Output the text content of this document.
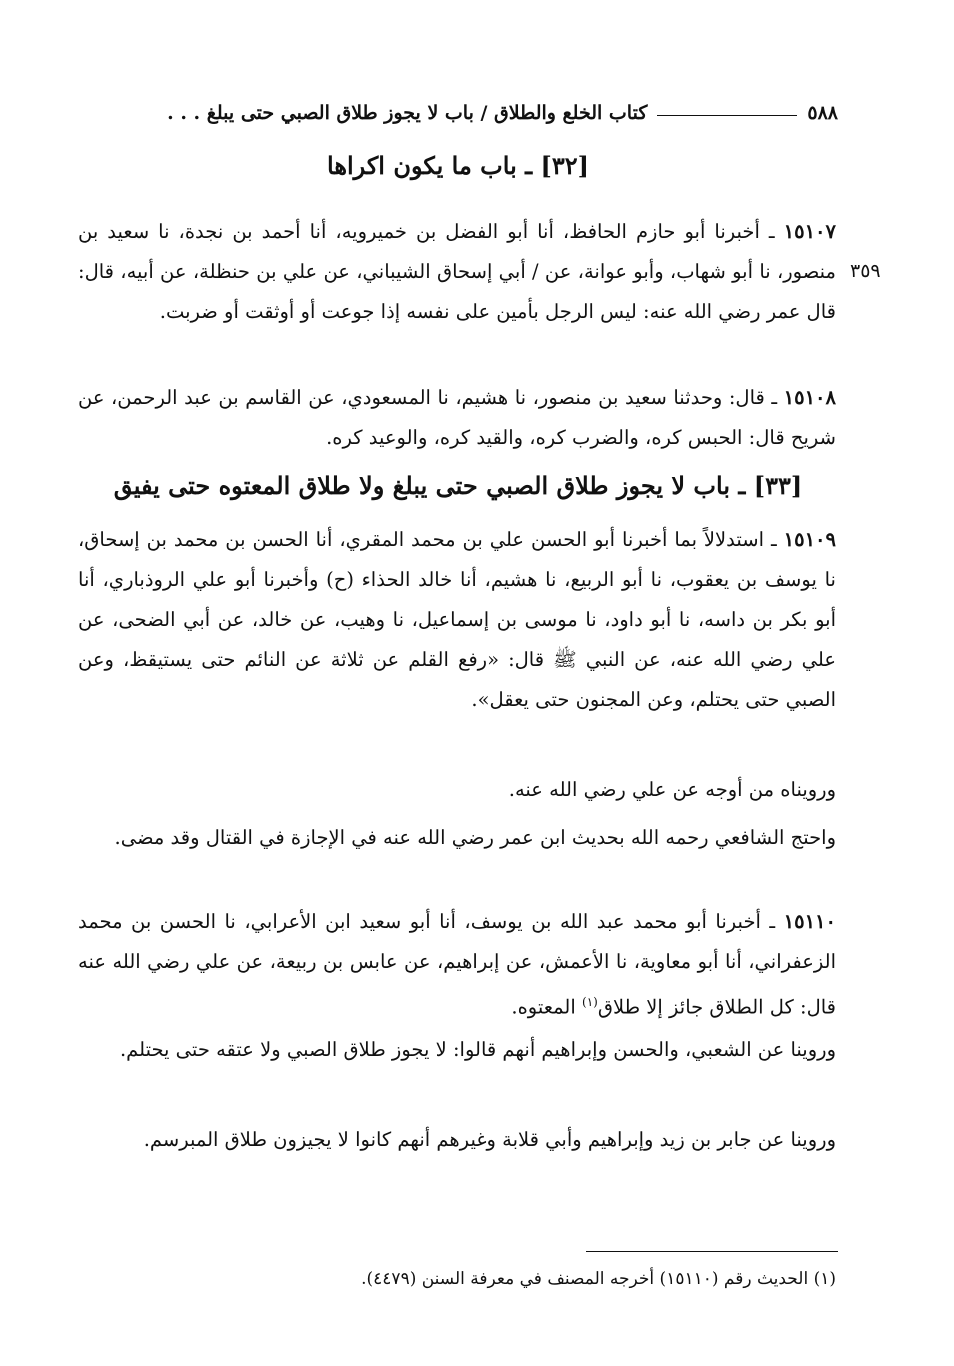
٥٨٨
كتاب الخلع والطلاق / باب لا يجوز طلاق الصبي حتى يبلغ . . .
[٣٢] ـ باب ما يكون اكراها
١٥١٠٧ ـ أخبرنا أبو حازم الحافظ، أنا أبو الفضل بن خميرويه، أنا أحمد بن نجدة، نا سعيد بن منصور، نا أبو شهاب، وأبو عوانة، عن / أبي إسحاق الشيباني، عن علي بن حنظلة، عن أبيه، قال: قال عمر رضي الله عنه: ليس الرجل بأمين على نفسه إذا جوعت أو أوثقت أو ضربت.
٣٥٩
١٥١٠٨ ـ قال: وحدثنا سعيد بن منصور، نا هشيم، نا المسعودي، عن القاسم بن عبد الرحمن، عن شريح قال: الحبس كره، والضرب كره، والقيد كره، والوعيد كره.
[٣٣] ـ باب لا يجوز طلاق الصبي حتى يبلغ ولا طلاق المعتوه حتى يفيق
١٥١٠٩ ـ استدلالاً بما أخبرنا أبو الحسن علي بن محمد المقري، أنا الحسن بن محمد بن إسحاق، نا يوسف بن يعقوب، نا أبو الربيع، نا هشيم، أنا خالد الحذاء (ح) وأخبرنا أبو علي الروذباري، أنا أبو بكر بن داسه، نا أبو داود، نا موسى بن إسماعيل، نا وهيب، عن خالد، عن أبي الضحى، عن علي رضي الله عنه، عن النبي ﷺ قال: «رفع القلم عن ثلاثة عن النائم حتى يستيقظ، وعن الصبي حتى يحتلم، وعن المجنون حتى يعقل».
ورويناه من أوجه عن علي رضي الله عنه.
واحتج الشافعي رحمه الله بحديث ابن عمر رضي الله عنه في الإجازة في القتال وقد مضى.
١٥١١٠ ـ أخبرنا أبو محمد عبد الله بن يوسف، أنا أبو سعيد ابن الأعرابي، نا الحسن بن محمد الزعفراني، أنا أبو معاوية، نا الأعمش، عن إبراهيم، عن عابس بن ربيعة، عن علي رضي الله عنه قال: كل الطلاق جائز إلا طلاق$^{(١)}$ المعتوه.
وروينا عن الشعبي، والحسن وإبراهيم أنهم قالوا: لا يجوز طلاق الصبي ولا عتقه حتى يحتلم.
وروينا عن جابر بن زيد وإبراهيم وأبي قلابة وغيرهم أنهم كانوا لا يجيزون طلاق المبرسم.
(١) الحديث رقم (١٥١١٠) أخرجه المصنف في معرفة السنن (٤٤٧٩).
